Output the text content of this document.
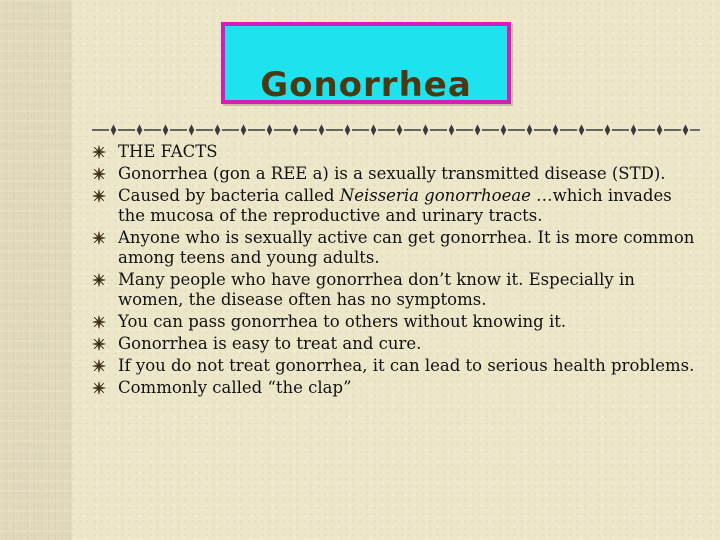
Gonorrhea
THE FACTS
Gonorrhea (gon a REE a) is a sexually transmitted disease (STD).
Caused by bacteria called Neisseria gonorrhoeae …which invades the mucosa of the reproductive and urinary tracts.
Anyone who is sexually active can get gonorrhea. It is more common among teens and young adults.
Many people who have gonorrhea don’t know it. Especially in women, the disease often has no symptoms.
You can pass gonorrhea to others without knowing it.
Gonorrhea is easy to treat and cure.
If you do not treat gonorrhea, it can lead to serious health problems.
Commonly called “the clap”
